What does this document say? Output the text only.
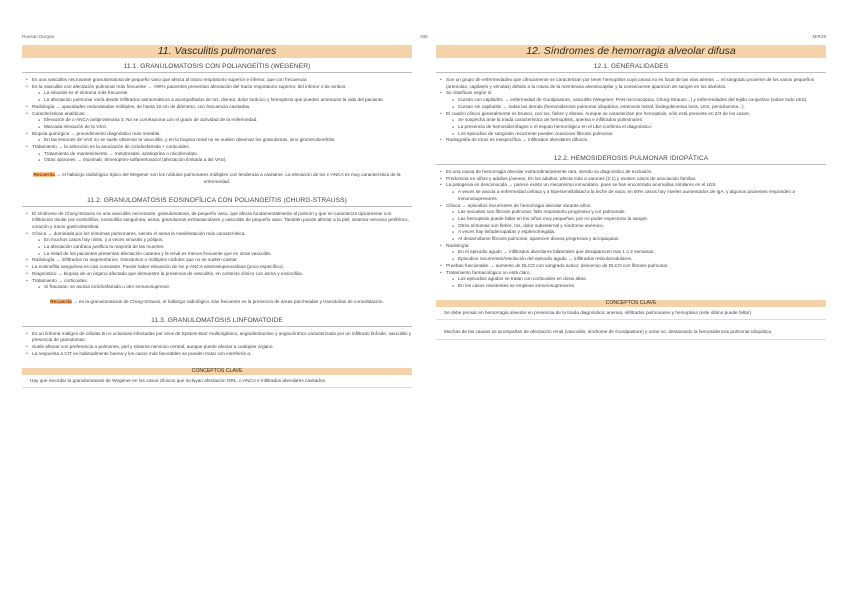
Ruesan Durgan	NM	MIR25
11. Vasculitis pulmonares
11.1. GRANULOMATOSIS CON POLIANGEÍTIS (WEGENER)
• Es una vasculitis necrosante granulomatosa de pequeño vaso que afecta al tracto respiratorio superior e inferior, que con frecuencia
• Es la vasculitis con afectación pulmonar más frecuente → >90% pacientes presentan afectación del tracto respiratorio superior, del inferior o de ambos.
● La sinusitis es el síntoma más frecuente.
● La afectación pulmonar varía desde infiltrados asintomáticos a acompañados de tos, disnea, dolor torácico y hemoptisis que pueden amenazar la vida del paciente.
• Radiología → opacidades redondeadas múltiples, de hasta 10 cm de diámetro, con frecuencia cavitadas.
• Características analíticas:
● Elevación de c-ANCA antiproteinasa 3. No se correlaciona con el grado de actividad de la enfermedad.
● Marcada elevación de la VSG.
• Biopsia quirúrgica → procedimiento diagnóstico más rentable.
● En las lesiones de VAS no se suele observar la vasculitis, y en la biopsia renal no se suelen observar los granulomas, sino glomerulonefritis.
• Tratamiento → la selección es la asociación de ciclofosfamida + corticoides.
● Tratamiento de mantenimiento → metotrexato, azatioprina o micofenolato.
● Otras opciones → rituximab, trimetoprim-sulfametoxazol (afectación limitada a las VAS).
Recuerda → el hallazgo radiológico típico del Wegener son los nódulos pulmonares múltiples con tendencia a cavitarse. La elevación de los c-ANCA es muy característica de la enfermedad.
11.2. GRANULOMATOSIS EOSINOFÍLICA CON POLIANGEÍTIS (CHURG-STRAUSS)
• El síndrome de Churg-Strauss es una vasculitis necrosante, granulomatosa, de pequeño vaso, que afecta fundamentalmente al pulmón y que se caracteriza típicamente con infiltración tisular por eosinófilos, eosinofilia sanguínea, asma, granulomas extravasculares y vasculitis de pequeño vaso. También puede afectar a la piel, sistema nervioso periférico, corazón y tracto gastrointestinal.
• Clínica → dominada por los síntomas pulmonares, siendo el asma la manifestación más característica.
● En muchos casos hay rinitis, y a veces sinusitis y pólipos.
● La afectación cardíaca justifica la mayoría de las muertes.
● La mitad de los pacientes presentan afectación cutánea y la renal es menos frecuente que en otras vasculitis.
• Radiología → infiltrados no segmentarios, transitorios o múltiples nódulos que no se suelen cavitar.
• La eosinofilia sanguínea es casi constante. Puede haber elevación de los p-ANCA antimieloperoxidasa (poco específico).
• Diagnóstico → biopsia de un órgano afectado que demuestre la presencia de vasculitis, en contexto clínico con asma y eosinofilia.
• Tratamiento → corticoides.
● Si fracasan, se asocia ciclofosfamida u otro inmunosupresor.
Recuerda → en la granulomatosis de Churg-Strauss, el hallazgo radiológico más frecuente es la presencia de áreas parcheadas y transitorias de consolidación.
11.3. GRANULOMATOSIS LINFOMATOIDE
• Es un linfoma maligno de células B no oclusivas infectadas por virus de Epstein-Barr multiorgánico, angiodestructivo y angiocéntrico caracterizado por un infiltrado linfoide, vasculitis y presencia de granulomas.
• Suele afectar con preferencia a pulmones, piel y sistema nervioso central, aunque puede afectar a cualquier órgano.
• La respuesta a CIT es habitualmente buena y los casos más favorables se pueden tratar con interferón α.
CONCEPTOS CLAVE
Hay que recordar la granulomatosis de Wegener en los casos clínicos que incluyan afectación ORL, c-ANCA e infiltrados alveolares cavitados.
12. Síndromes de hemorragia alveolar difusa
12.1. GENERALIDADES
• Son un grupo de enfermedades que clínicamente se caracterizan por tener hemoptisis cuya causa no es focal de las vías aéreas → el sangrado proviene de los vasos pequeños (arteriolas, capilares y vénulas) debido a la rotura de la membrana alveolocapilar y la consecuente aparición de sangre en los alvéolos.
• Se clasifican según si:
● Cursan con capilaritis → enfermedad de Goodpasture, vasculitis (Wegener, PAN microscópica, Churg-Strauss...) y enfermedades del tejido conjuntivo (sobre todo LES).
● Cursan sin capilaritis → todas las demás (hemosiderosis pulmonar idiopática, estenosis mitral, lindegobinemia tosis, LES, penicilamina...).
• El cuadro clínico generalmente es brusco, con tos, fiebre y disnea. Aunque se caracterizan por hemoptisis, sólo está presente en 2/3 de los casos.
● Se sospecha ante la triada característica de hemoptisis, anemia e infiltrados pulmonares.
● La presencia de hemosiderófagos o el esputo hemorrágico en el LBA confirma el diagnóstico.
● Los episodios de sangrado recurrente pueden ocasionar fibrosis pulmonar.
• Radiografía de tórax es inespecífica → infiltrados alveolares difusos.
12.2. HEMOSIDEROSIS PULMONAR IDIOPÁTICA
• Es una causa de hemorragia alveolar extraordinariamente rara, siendo su diagnóstico de exclusión.
• Predomina en niños y adultos jóvenes. En los adultos, afecta más a varones (2:1) y existen casos de asociación familiar.
• La patogenia es desconocida → parece existir un mecanismo inmunitario, pues se han encontrado anomalías similares en el LES.
● A veces se asocia a enfermedad celíaca y a hipersensibilidad a la leche de vaca; en 50% casos hay niveles aumentados de IgA, y algunos pacientes responden a inmunosupresores.
• Clínica → episodios recurrentes de hemorragia alveolar durante años.
● Las secuelas son fibrosis pulmonar, fallo respiratorio progresivo y cor pulmonale.
● Las hemoptisis puede faltar en los niños muy pequeños, por no poder expectorar la sangre.
● Otros síntomas son fiebre, tos, dolor subesternal y síndrome anémico.
● A veces hay linfadenopatías y esplenomegalia.
● Al desarrollarse fibrosis pulmonar, aparecen disnea progresiva y acropaquias.
• Radiología:
● En el episodio agudo → infiltrados alveolares bilaterales que desaparecen tras 1 o 2 semanas.
● Episodios recurrentes/resolución del episodio agudo → infiltrados reticulonodulares.
• Pruebas funcionales → aumento de DLCO con sangrado activo; descenso de DLCO con fibrosis pulmonar.
• Tratamiento farmacológico no está claro.
● Los episodios agudos se tratan con corticoides en dosis altas.
● En los casos resistentes se emplean inmunosupresores.
CONCEPTOS CLAVE
Se debe pensar en hemorragia alveolar en presencia de la triada diagnóstica: anemia, infiltrados pulmonares y hemoptisis (este último puede faltar).
Muchas de las causas se acompañan de afectación renal (vasculitis, síndrome de Goodpasture) y otras no, destacando la hemosiderosis pulmonar idiopática.
